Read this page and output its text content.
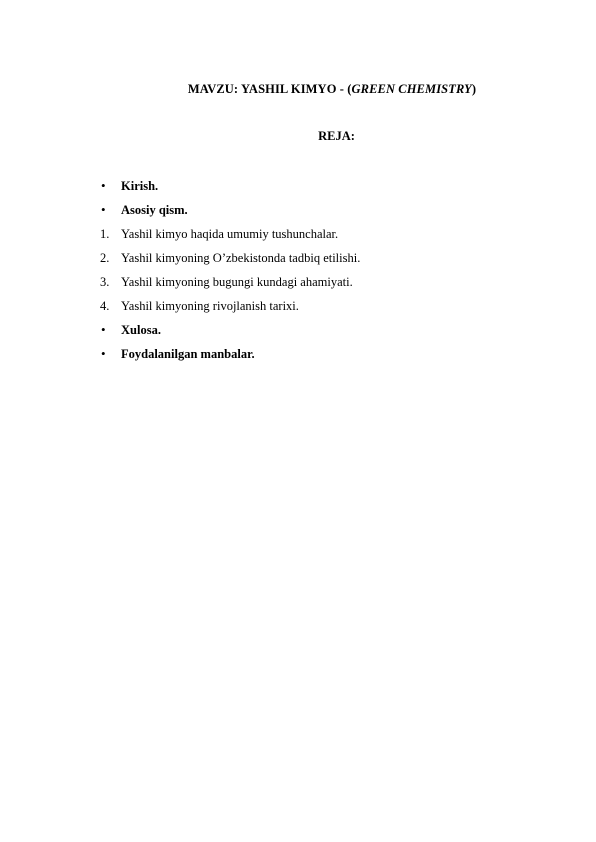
MAVZU: YASHIL KIMYO - (GREEN CHEMISTRY)
REJA:
•	Kirish.
•	Asosiy qism.
1. Yashil kimyo haqida umumiy tushunchalar.
2. Yashil kimyoning O’zbekistonda tadbiq etilishi.
3. Yashil kimyoning bugungi kundagi ahamiyati.
4. Yashil kimyoning rivojlanish tarixi.
•	Xulosa.
•	Foydalanilgan manbalar.
